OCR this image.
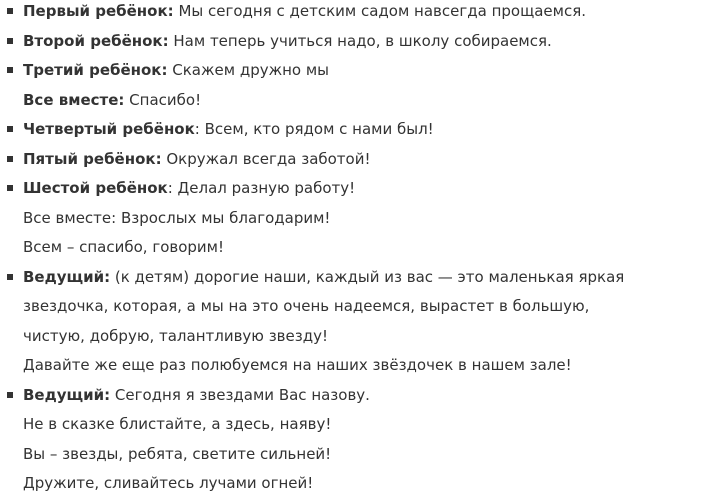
Первый ребёнок: Мы сегодня с детским садом навсегда прощаемся.
Второй ребёнок: Нам теперь учиться надо, в школу собираемся.
Третий ребёнок: Скажем дружно мы
Все вместе: Спасибо!
Четвертый ребёнок: Всем, кто рядом с нами был!
Пятый ребёнок: Окружал всегда заботой!
Шестой ребёнок: Делал разную работу!
Все вместе: Взрослых мы благодарим!
Всем – спасибо, говорим!
Ведущий: (к детям) дорогие наши, каждый из вас — это маленькая яркая
звездочка, которая, а мы на это очень надеемся, вырастет в большую,
чистую, добрую, талантливую звезду!
Давайте же еще раз полюбуемся на наших звёздочек в нашем зале!
Ведущий: Сегодня я звездами Вас назову.
Не в сказке блистайте, а здесь, наяву!
Вы – звезды, ребята, светите сильней!
Дружите, сливайтесь лучами огней!
